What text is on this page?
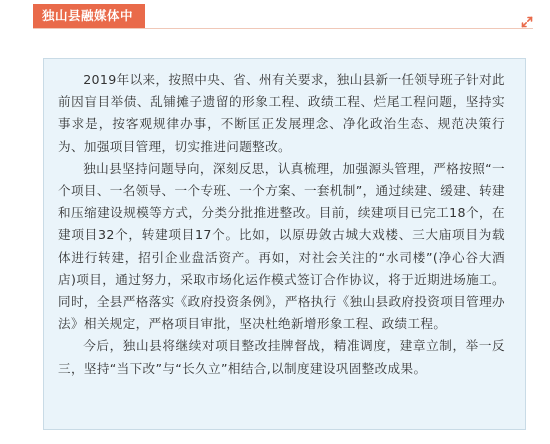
独山县融媒体中心

2019年以来，按照中央、省、州有关要求，独山县新一任领导班子针对此前因盲目举债、乱铺摊子遗留的形象工程、政绩工程、烂尾工程问题，坚持实事求是，按客观规律办事，不断匡正发展理念、净化政治生态、规范决策行为、加强项目管理，切实推进问题整改。

独山县坚持问题导向，深刻反思，认真梳理，加强源头管理，严格按照“一个项目、一名领导、一个专班、一个方案、一套机制”，通过续建、缓建、转建和压缩建设规模等方式，分类分批推进整改。目前，续建项目已完工18个，在建项目32个，转建项目17个。比如，以原毋敛古城大戏楼、三大庙项目为载体进行转建，招引企业盘活资产。再如，对社会关注的“水司楼”(净心谷大酒店)项目，通过努力，采取市场化运作模式签订合作协议，将于近期进场施工。同时，全县严格落实《政府投资条例》，严格执行《独山县政府投资项目管理办法》相关规定，严格项目审批，坚决杜绝新增形象工程、政绩工程。

今后，独山县将继续对项目整改挂牌督战，精准调度，建章立制，举一反三，坚持“当下改”与“长久立”相结合,以制度建设巩固整改成果。
